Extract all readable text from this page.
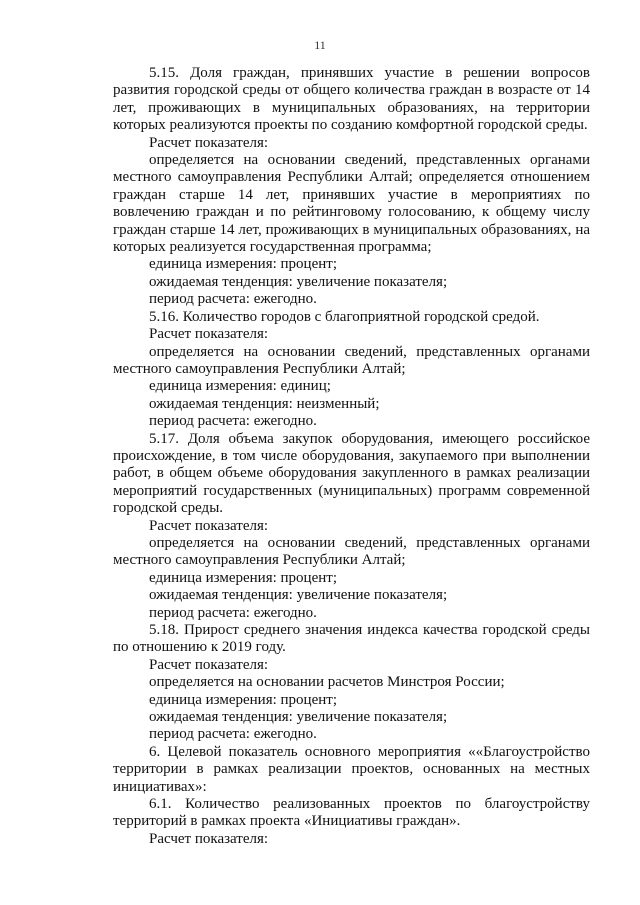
11

5.15. Доля граждан, принявших участие в решении вопросов развития городской среды от общего количества граждан в возрасте от 14 лет, проживающих в муниципальных образованиях, на территории которых реализуются проекты по созданию комфортной городской среды.

Расчет показателя:

определяется на основании сведений, представленных органами местного самоуправления Республики Алтай; определяется отношением граждан старше 14 лет, принявших участие в мероприятиях по вовлечению граждан и по рейтинговому голосованию, к общему числу граждан старше 14 лет, проживающих в муниципальных образованиях, на которых реализуется государственная программа;

единица измерения: процент;

ожидаемая тенденция: увеличение показателя;

период расчета: ежегодно.

5.16. Количество городов с благоприятной городской средой.

Расчет показателя:

определяется на основании сведений, представленных органами местного самоуправления Республики Алтай;

единица измерения: единиц;

ожидаемая тенденция: неизменный;

период расчета: ежегодно.

5.17. Доля объема закупок оборудования, имеющего российское происхождение, в том числе оборудования, закупаемого при выполнении работ, в общем объеме оборудования закупленного в рамках реализации мероприятий государственных (муниципальных) программ современной городской среды.

Расчет показателя:

определяется на основании сведений, представленных органами местного самоуправления Республики Алтай;

единица измерения: процент;

ожидаемая тенденция: увеличение показателя;

период расчета: ежегодно.

5.18. Прирост среднего значения индекса качества городской среды по отношению к 2019 году.

Расчет показателя:

определяется на основании расчетов Минстроя России;

единица измерения: процент;

ожидаемая тенденция: увеличение показателя;

период расчета: ежегодно.

6. Целевой показатель основного мероприятия ««Благоустройство территории в рамках реализации проектов, основанных на местных инициативах»:

6.1. Количество реализованных проектов по благоустройству территорий в рамках проекта «Инициативы граждан».

Расчет показателя:
